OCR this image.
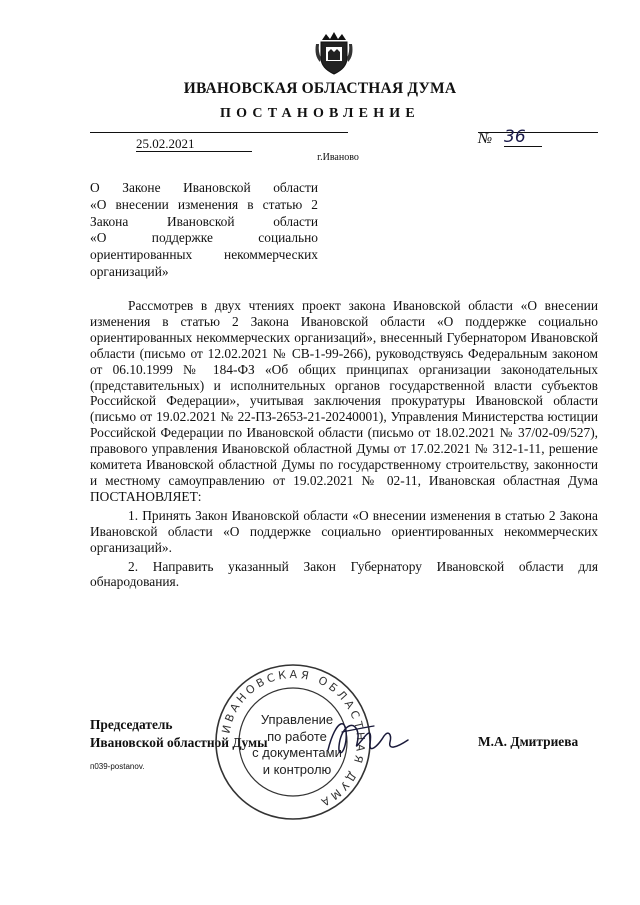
ИВАНОВСКАЯ ОБЛАСТНАЯ ДУМА
ПОСТАНОВЛЕНИЕ
25.02.2021	№ 36
г.Иваново
О Законе Ивановской области
«О внесении изменения в статью 2
Закона Ивановской области
«О поддержке социально
ориентированных некоммерческих
организаций»

Рассмотрев в двух чтениях проект закона Ивановской области «О внесении изменения в статью 2 Закона Ивановской области «О поддержке социально ориентированных некоммерческих организаций», внесенный Губернатором Ивановской области (письмо от 12.02.2021 № СВ-1-99-266), руководствуясь Федеральным законом от 06.10.1999 № 184-ФЗ «Об общих принципах организации законодательных (представительных) и исполнительных органов государственной власти субъектов Российской Федерации», учитывая заключения прокуратуры Ивановской области (письмо от 19.02.2021 № 22-ПЗ-2653-21-20240001), Управления Министерства юстиции Российской Федерации по Ивановской области (письмо от 18.02.2021 № 37/02-09/527), правового управления Ивановской областной Думы от 17.02.2021 № 312-1-11, решение комитета Ивановской областной Думы по государственному строительству, законности и местному самоуправлению от 19.02.2021 № 02-11, Ивановская областная Дума ПОСТАНОВЛЯЕТ:

1. Принять Закон Ивановской области «О внесении изменения в статью 2 Закона Ивановской области «О поддержке социально ориентированных некоммерческих организаций».

2. Направить указанный Закон Губернатору Ивановской области для обнародования.

Председатель
Ивановской областной Думы	М.А. Дмитриева
п039-postanov.
ИВАНОВСКАЯ ОБЛАСТНАЯ ДУМА
Управление
по работе
с документами
и контролю
